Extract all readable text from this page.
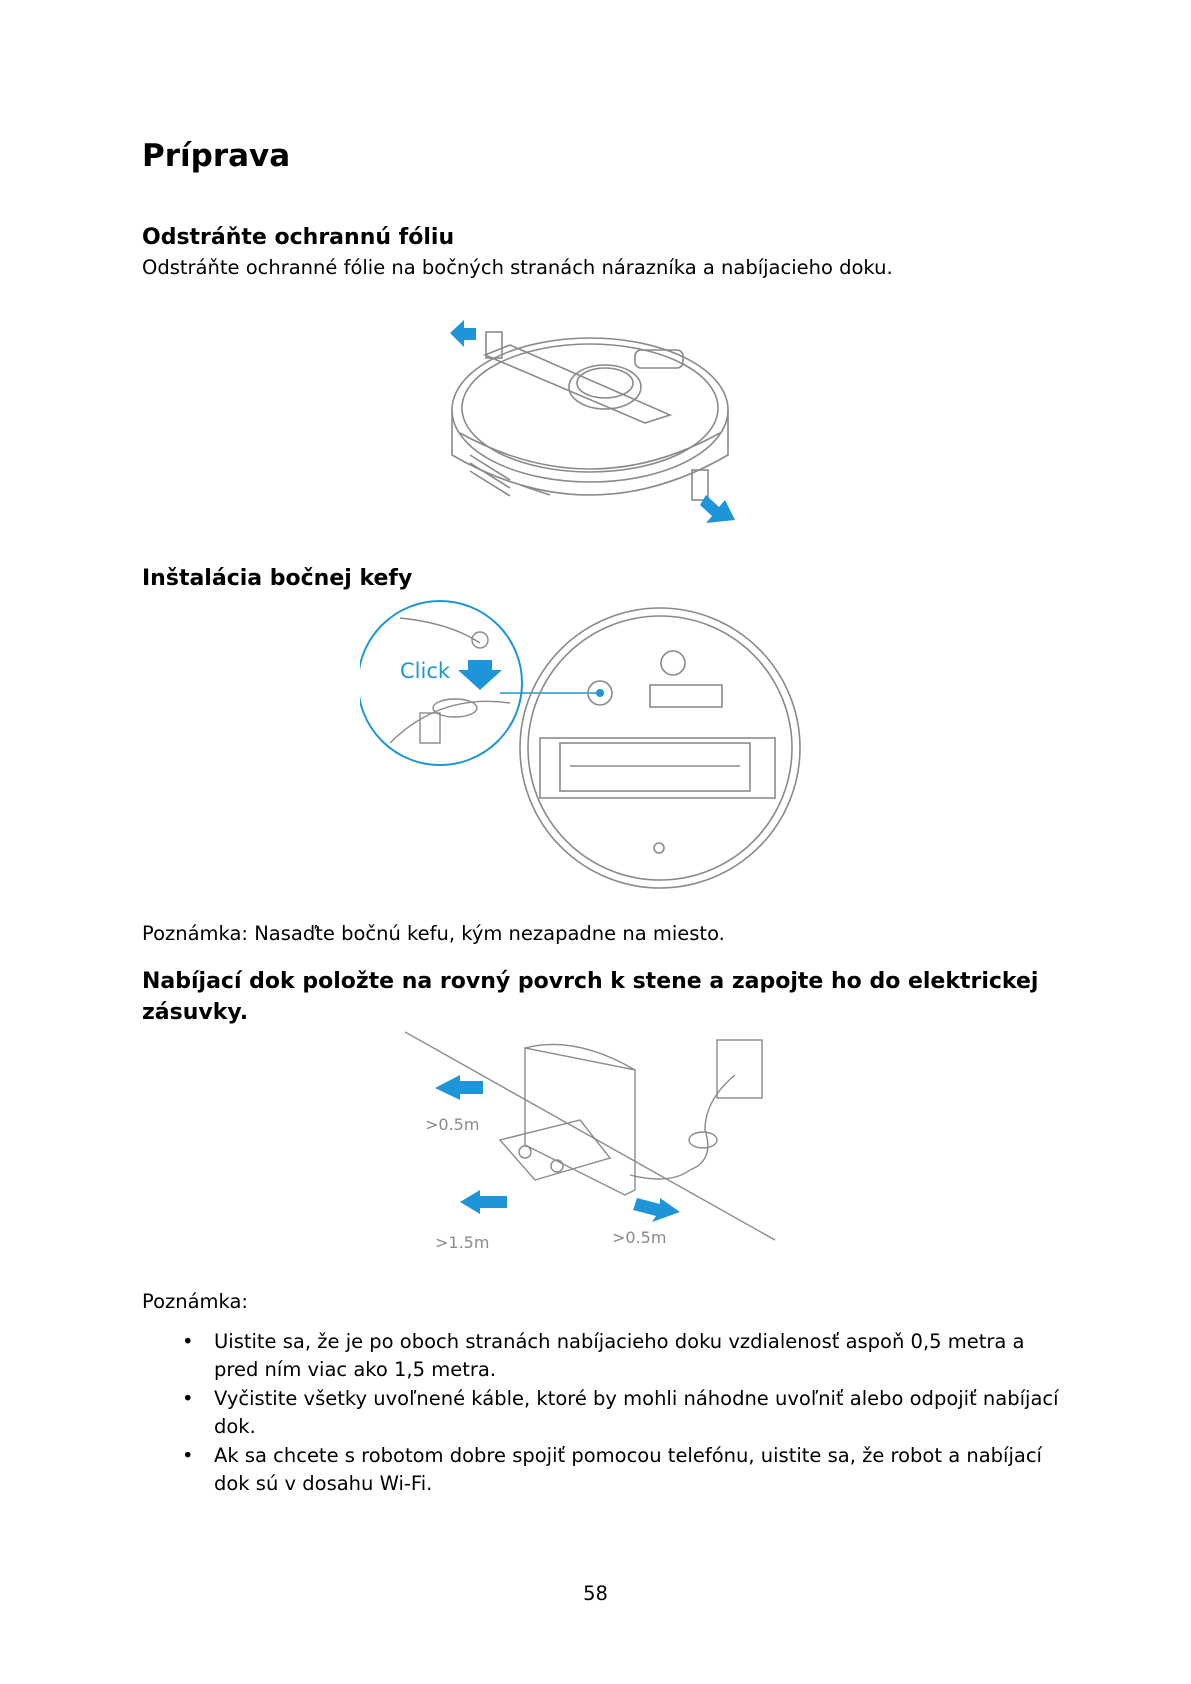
Príprava
Odstráňte ochrannú fóliu

Odstráňte ochranné fólie na bočných stranách nárazníka a nabíjacieho doku.

Inštalácia bočnej kefy
Click

Poznámka: Nasaďte bočnú kefu, kým nezapadne na miesto.

Nabíjací dok položte na rovný povrch k stene a zapojte ho do elektrickej zásuvky.
>0.5m
>1.5m	>0.5m

Poznámka:

• Uistite sa, že je po oboch stranách nabíjacieho doku vzdialenosť aspoň 0,5 metra a pred ním viac ako 1,5 metra.
• Vyčistite všetky uvoľnené káble, ktoré by mohli náhodne uvoľniť alebo odpojiť nabíjací dok.
• Ak sa chcete s robotom dobre spojiť pomocou telefónu, uistite sa, že robot a nabíjací dok sú v dosahu Wi-Fi.
58
